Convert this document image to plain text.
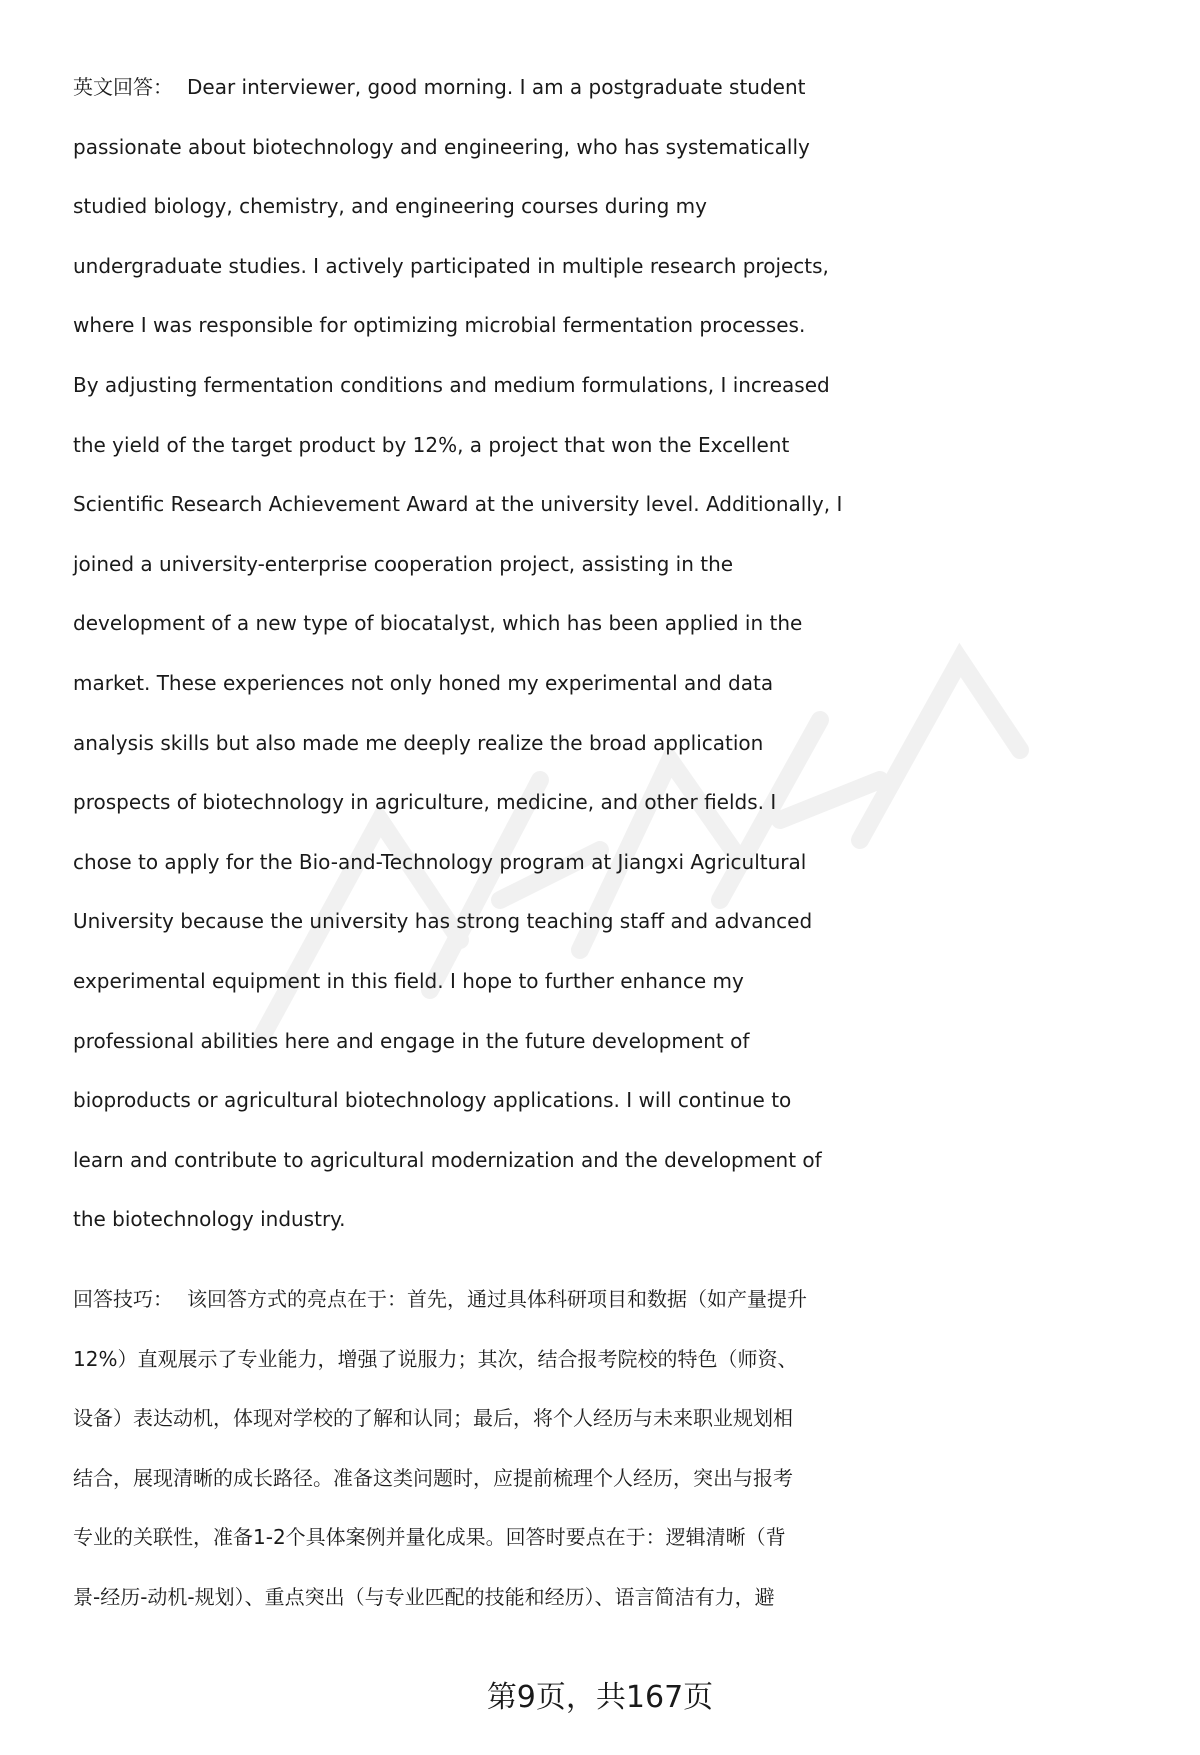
英文回答： Dear interviewer, good morning. I am a postgraduate student
passionate about biotechnology and engineering, who has systematically
studied biology, chemistry, and engineering courses during my
undergraduate studies. I actively participated in multiple research projects,
where I was responsible for optimizing microbial fermentation processes.
By adjusting fermentation conditions and medium formulations, I increased
the yield of the target product by 12%, a project that won the Excellent
Scientific Research Achievement Award at the university level. Additionally, I
joined a university-enterprise cooperation project, assisting in the
development of a new type of biocatalyst, which has been applied in the
market. These experiences not only honed my experimental and data
analysis skills but also made me deeply realize the broad application
prospects of biotechnology in agriculture, medicine, and other fields. I
chose to apply for the Bio-and-Technology program at Jiangxi Agricultural
University because the university has strong teaching staff and advanced
experimental equipment in this field. I hope to further enhance my
professional abilities here and engage in the future development of
bioproducts or agricultural biotechnology applications. I will continue to
learn and contribute to agricultural modernization and the development of
the biotechnology industry.
回答技巧： 该回答方式的亮点在于：首先，通过具体科研项目和数据（如产量提升
12%）直观展示了专业能力，增强了说服力；其次，结合报考院校的特色（师资、
设备）表达动机，体现对学校的了解和认同；最后，将个人经历与未来职业规划相
结合，展现清晰的成长路径。准备这类问题时，应提前梳理个人经历，突出与报考
专业的关联性，准备1-2个具体案例并量化成果。回答时要点在于：逻辑清晰（背
景-经历-动机-规划）、重点突出（与专业匹配的技能和经历）、语言简洁有力，避
第9页，共167页
